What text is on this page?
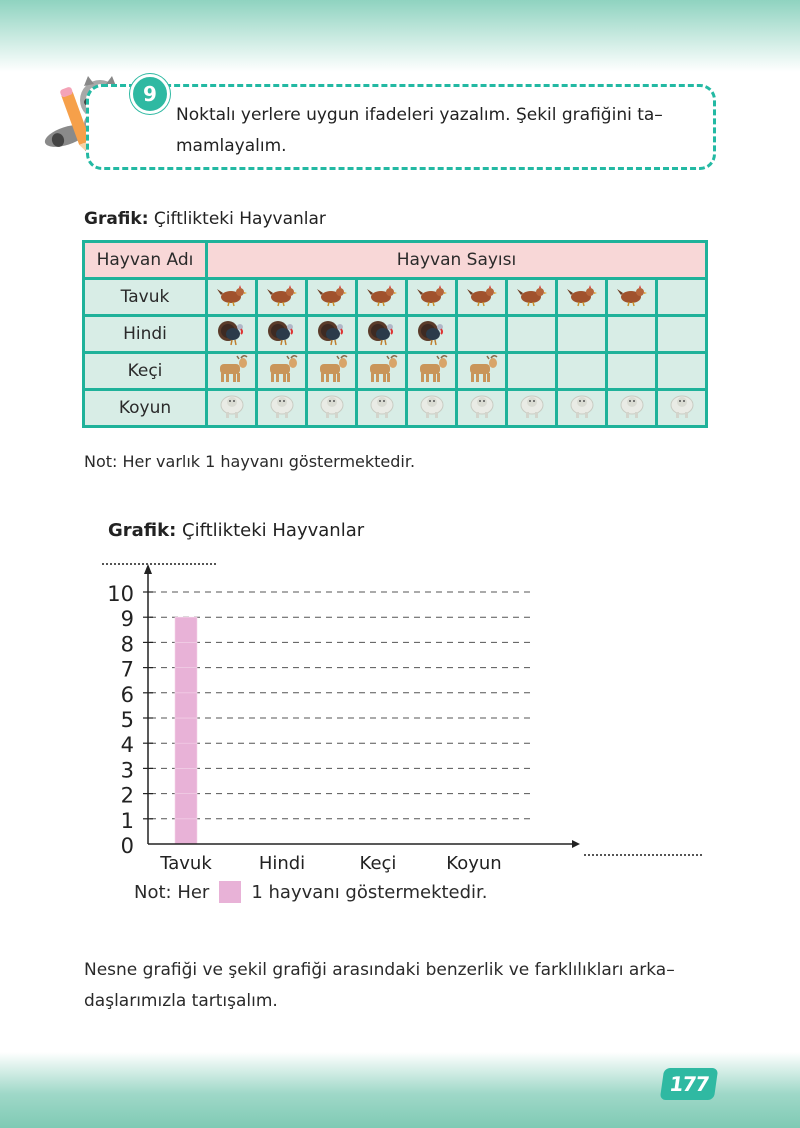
9
Noktalı yerlere uygun ifadeleri yazalım. Şekil grafiğini ta– mamlayalım.
Grafik: Çiftlikteki Hayvanlar
Hayvan Adı	Hayvan Sayısı									
Tavuk										
Hindi										
Keçi										
Koyun										
Not: Her varlık 1 hayvanı göstermektedir.
Grafik: Çiftlikteki Hayvanlar
Tavuk	Hindi	Keçi	Koyun
0
1
2
3
4
5
6
7
8
9
10
Not: Her 1 hayvanı göstermektedir.
Nesne grafiği ve şekil grafiği arasındaki benzerlik ve farklılıkları arka– daşlarımızla tartışalım.
177
